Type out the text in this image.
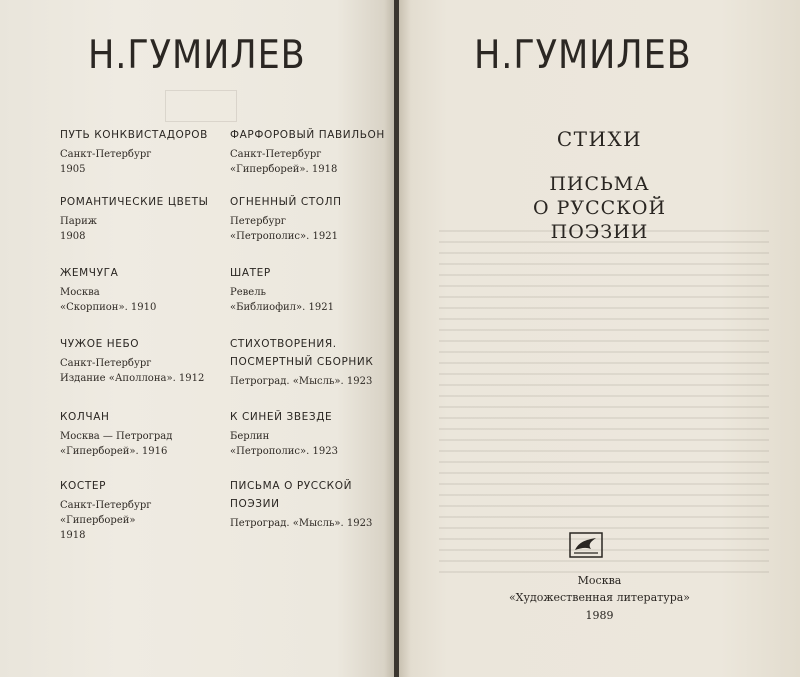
Н.ГУМИЛЕВ
ПУТЬ КОНКВИСТАДОРОВ
Санкт-Петербург
1905
РОМАНТИЧЕСКИЕ ЦВЕТЫ
Париж
1908
ЖЕМЧУГА
Москва
«Скорпион». 1910
ЧУЖОЕ НЕБО
Санкт-Петербург
Издание «Аполлона». 1912
КОЛЧАН
Москва — Петроград
«Гиперборей». 1916
КОСТЕР
Санкт-Петербург
«Гиперборей»
1918
ФАРФОРОВЫЙ ПАВИЛЬОН
Санкт-Петербург
«Гиперборей». 1918
ОГНЕННЫЙ СТОЛП
Петербург
«Петрополис». 1921
ШАТЕР
Ревель
«Библиофил». 1921
СТИХОТВОРЕНИЯ.
ПОСМЕРТНЫЙ СБОРНИК
Петроград. «Мысль». 1923
К СИНЕЙ ЗВЕЗДЕ
Берлин
«Петрополис». 1923
ПИСЬМА О РУССКОЙ
ПОЭЗИИ
Петроград. «Мысль». 1923
Н.ГУМИЛЕВ
СТИХИ
ПИСЬМА
О РУССКОЙ
ПОЭЗИИ
Москва
«Художественная литература»
1989
